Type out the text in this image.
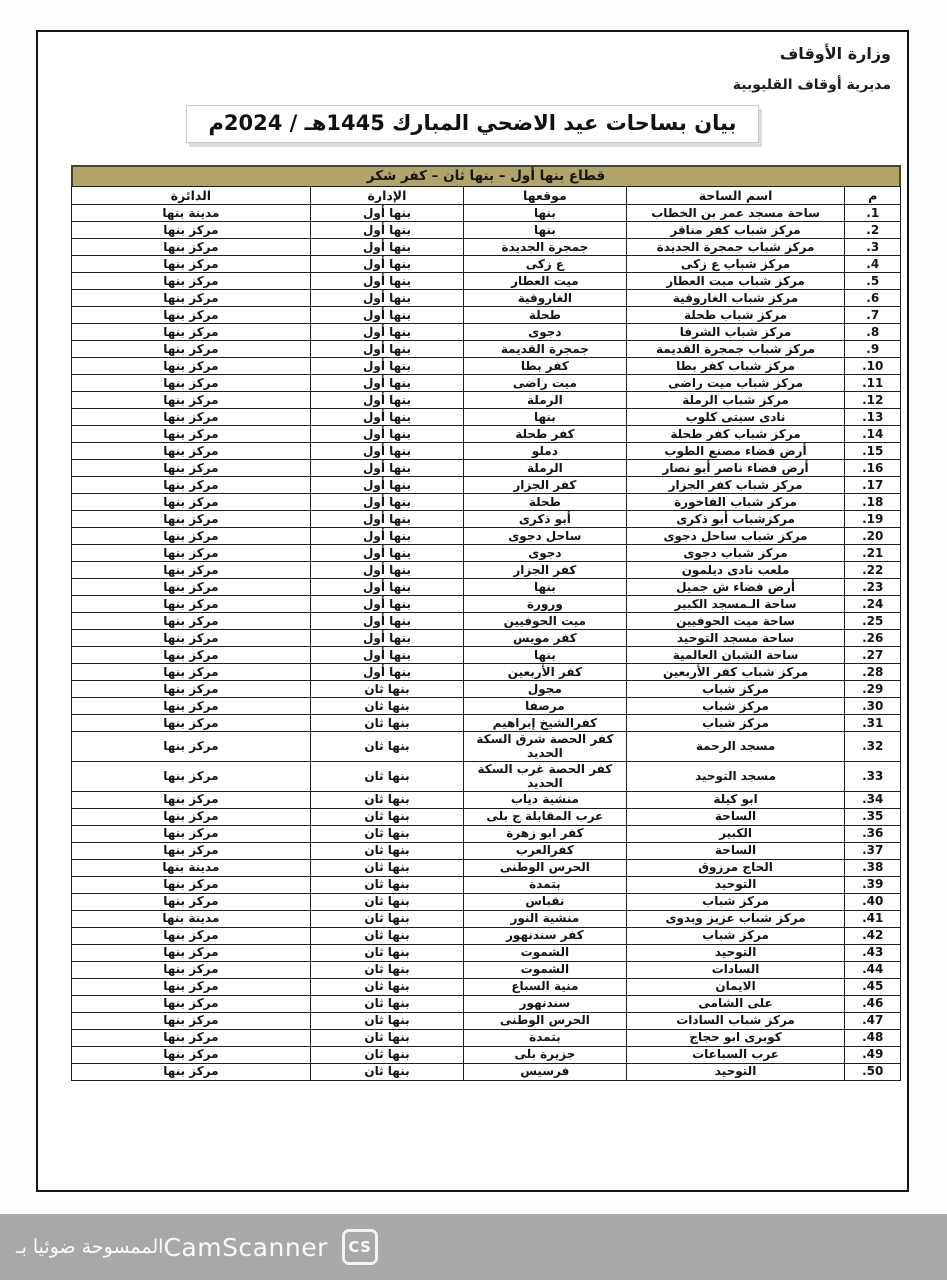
وزارة الأوقاف
مديرية أوقاف القليوبية
بيان بساحات عيد الاضحي المبارك 1445هـ / 2024م
قطاع بنها أول – بنها ثان – كفر شكر
م	اسم الساحة	موقعها	الإدارة	الدائرة
1.	ساحة مسجد عمر بن الخطاب	بنها	بنها أول	مدينة بنها
2.	مركز شباب كفر مناقر	بنها	بنها أول	مركز بنها
3.	مركز شباب جمجرة الجديدة	جمجرة الجديدة	بنها أول	مركز بنها
4.	مركز شباب ع زكى	ع زكى	بنها أول	مركز بنها
5.	مركز شباب ميت العطار	ميت العطار	بنها أول	مركز بنها
6.	مركز شباب الغاروقية	الغاروقية	بنها أول	مركز بنها
7.	مركز شباب طحلة	طحلة	بنها أول	مركز بنها
8.	مركز شباب الشرفا	دجوى	بنها أول	مركز بنها
9.	مركز شباب جمجرة القديمة	جمجرة القديمة	بنها أول	مركز بنها
10.	مركز شباب كفر بطا	كفر بطا	بنها أول	مركز بنها
11.	مركز شباب ميت راضى	ميت راضى	بنها أول	مركز بنها
12.	مركز شباب الرملة	الرملة	بنها أول	مركز بنها
13.	نادى سيتى كلوب	بنها	بنها أول	مركز بنها
14.	مركز شباب كفر طحلة	كفر طحلة	بنها أول	مركز بنها
15.	أرض فضاء مصنع الطوب	دملو	بنها أول	مركز بنها
16.	أرض فضاء ناصر أبو نصار	الرملة	بنها أول	مركز بنها
17.	مركز شباب كفر الجزار	كفر الجزار	بنها أول	مركز بنها
18.	مركز شباب الفاخورة	طحلة	بنها أول	مركز بنها
19.	مركزشباب أبو ذكرى	أبو ذكرى	بنها أول	مركز بنها
20.	مركز شباب ساحل دجوى	ساحل دجوى	بنها أول	مركز بنها
21.	مركز شباب دجوى	دجوى	بنها أول	مركز بنها
22.	ملعب نادى ديلمون	كفر الجزار	بنها أول	مركز بنها
23.	أرض فضاء ش جميل	بنها	بنها أول	مركز بنها
24.	ساحة الـمسجد الكبير	ورورة	بنها أول	مركز بنها
25.	ساحة ميت الحوفيين	ميت الحوفيين	بنها أول	مركز بنها
26.	ساحة مسجد التوحيد	كفر مويس	بنها أول	مركز بنها
27.	ساحة الشبان العالمية	بنها	بنها أول	مركز بنها
28.	مركز شباب كفر الأربعين	كفر الأربعين	بنها أول	مركز بنها
29.	مركز شباب	مجول	بنها ثان	مركز بنها
30.	مركز شباب	مرصفا	بنها ثان	مركز بنها
31.	مركز شباب	كفرالشيخ إبراهيم	بنها ثان	مركز بنها
32.	مسجد الرحمة	كفر الحصة شرق السكة الحديد	بنها ثان	مركز بنها
33.	مسجد التوحيد	كفر الحصة غرب السكة الحديد	بنها ثان	مركز بنها
34.	ابو كيلة	منشية دياب	بنها ثان	مركز بنها
35.	الساحة	عرب المقابلة ج بلى	بنها ثان	مركز بنها
36.	الكبير	كفر ابو زهرة	بنها ثان	مركز بنها
37.	الساحة	كفرالعرب	بنها ثان	مركز بنها
38.	الحاج مرزوق	الحرس الوطنى	بنها ثان	مدينة بنها
39.	التوحيد	بتمدة	بنها ثان	مركز بنها
40.	مركز شباب	نقباس	بنها ثان	مركز بنها
41.	مركز شباب عزيز وبدوى	منشية النور	بنها ثان	مدينة بنها
42.	مركز شباب	كفر سندنهور	بنها ثان	مركز بنها
43.	التوحيد	الشموت	بنها ثان	مركز بنها
44.	السادات	الشموت	بنها ثان	مركز بنها
45.	الايمان	منية السباع	بنها ثان	مركز بنها
46.	على الشامى	سندنهور	بنها ثان	مركز بنها
47.	مركز شباب السادات	الحرس الوطنى	بنها ثان	مركز بنها
48.	كوبرى ابو حجاج	بتمدة	بنها ثان	مركز بنها
49.	عرب السباعات	جزيرة بلى	بنها ثان	مركز بنها
50.	التوحيد	فرسيس	بنها ثان	مركز بنها
CS
CamScanner
الممسوحة ضوئيا بـ
